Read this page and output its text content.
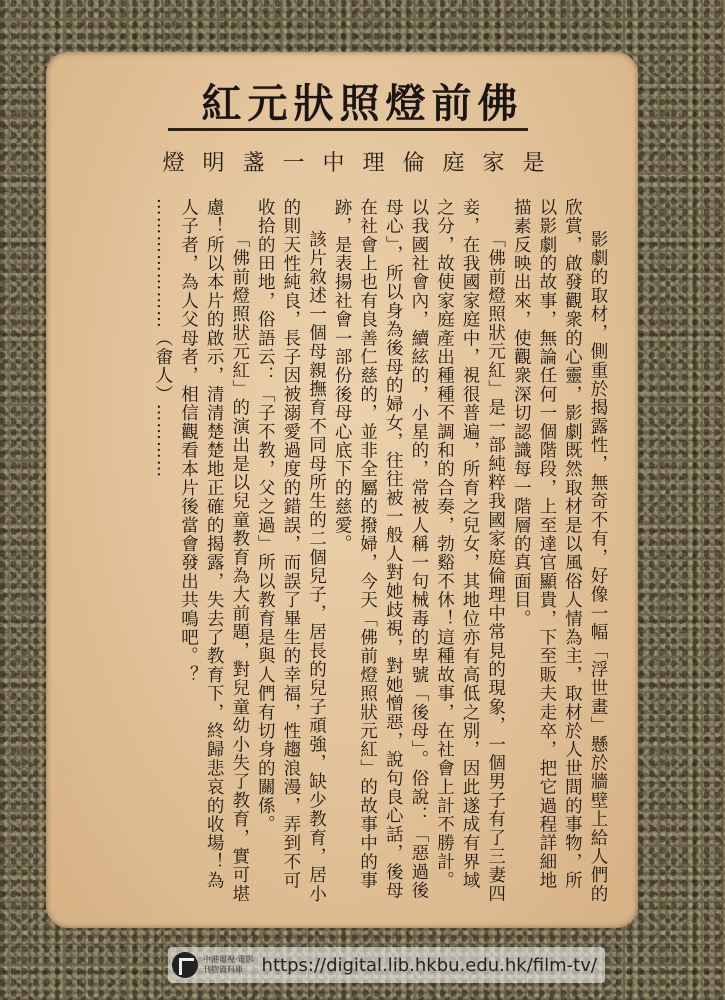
紅元狀照燈前佛
燈明盞一中理倫庭家是

影劇的取材，側重於揭露性，無奇不有，好像一幅「浮世畫」懸於牆壁上給人們的欣賞，啟發觀衆的心靈，影劇既然取材是以風俗人情為主，取材於人世間的事物，所以影劇的故事，無論任何一個階段，上至達官顯貴，下至販夫走卒，把它過程詳細地描素反映出來，使觀衆深切認識每一階層的真面目。

「佛前燈照狀元紅」是一部純粹我國家庭倫理中常見的現象，一個男子有了三妻四妾，在我國家庭中，視很普遍，所育之兒女，其地位亦有高低之別，因此遂成有界域之分，故使家庭產出種種不調和的合奏，勃谿不休！這種故事，在社會上計不勝計。以我國社會內，續絃的，小星的，常被人稱一句械毒的卑號「後母」。俗說：「惡過後母心」，所以身為後母的婦女，往往被一般人對她歧視，對她憎惡，說句良心話，後母在社會上也有良善仁慈的，並非全屬的撥婦，今天「佛前燈照狀元紅」的故事中的事跡，是表揚社會一部份後母心底下的慈愛。

該片敘述一個母親撫育不同母所生的二個兒子，居長的兒子頑強，缺少教育，居小的則天性純良，長子因被溺愛過度的錯誤，而誤了畢生的幸福，性趨浪漫，弄到不可收拾的田地，俗語云：「子不教，父之過」所以教育是與人們有切身的關係。

「佛前燈照狀元紅」的演出是以兒童教育為大前題，對兒童幼小失了教育，實可堪慮！所以本片的啟示，清清楚楚地正確的揭露，失去了教育下，終歸悲哀的收場！為人子者，為人父母者，相信觀看本片後當會發出共鳴吧。？

…………………（畬人）…………

中港電視·電影
刊物資料庫	https://digital.lib.hkbu.edu.hk/film-tv/
